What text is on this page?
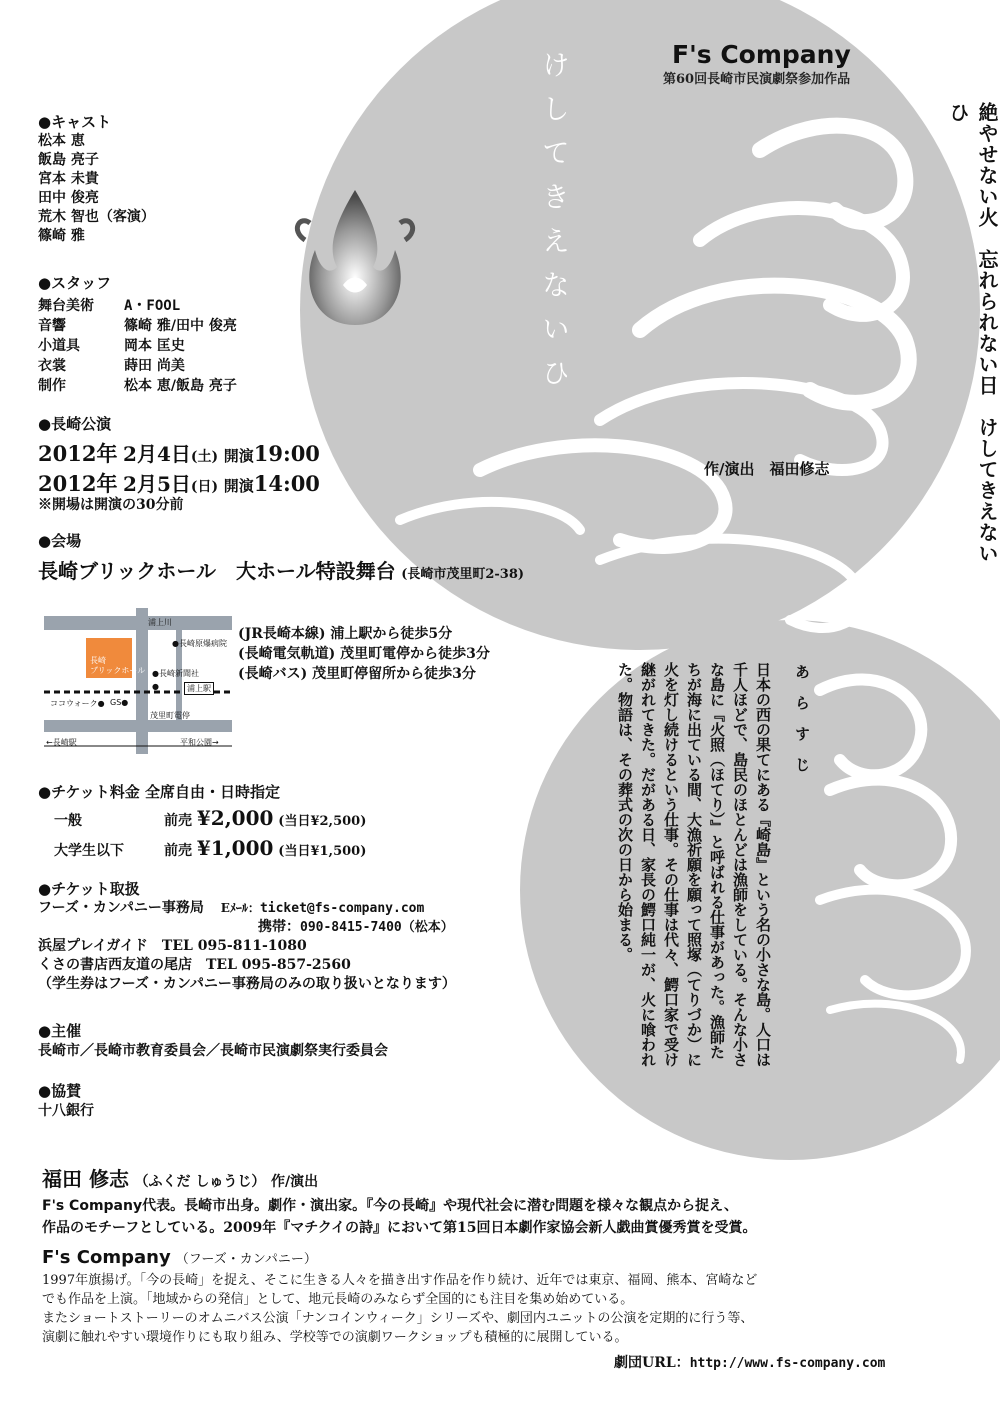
F's Company
第60回長崎市民演劇祭参加作品
けしてきえないひ	絶やせない火　忘れられない日　けしてきえないひ
作/演出　福田修志
●キャスト
松本 恵
飯島 亮子
宮本 未貴
田中 俊亮
荒木 智也（客演）
篠崎 雅
●スタッフ
舞台美術 A・FOOL
音響	篠崎 雅/田中 俊亮
小道具	岡本 匡史
衣裳	蒔田 尚美
制作	松本 恵/飯島 亮子
●長崎公演
2012年 2月4日(土) 開演19:00
2012年 2月5日(日) 開演14:00
※開場は開演の30分前
●会場
長崎ブリックホール　大ホール特設舞台 (長崎市茂里町2-38)
浦上川
●長崎原爆病院
長崎
ブリックホール ●長崎新聞社
●	浦上駅
ココウォーク● GS●
茂里町電停
←長崎駅	平和公園→
(JR長崎本線) 浦上駅から徒歩5分
(長崎電気軌道) 茂里町電停から徒歩3分
(長崎バス) 茂里町停留所から徒歩3分
●チケット料金 全席自由・日時指定
一般	前売 ¥2,000 (当日¥2,500)
大学生以下	前売 ¥1,000 (当日¥1,500)
●チケット取扱
フーズ・カンパニー事務局 Eﾒｰﾙ：ticket@fs-company.com
携帯：090-8415-7400（松本）
浜屋プレイガイド　TEL 095-811-1080
くさの書店西友道の尾店　TEL 095-857-2560
（学生券はフーズ・カンパニー事務局のみの取り扱いとなります）
●主催
長崎市／長崎市教育委員会／長崎市民演劇祭実行委員会
●協賛
十八銀行
あらすじ
日本の西の果てにある『崎島』という名の小さな島。人口は
千人ほどで、島民のほとんどは漁師をしている。そんな小さ
な島に『火照（ほてり）』と呼ばれる仕事があった。漁師た
ちが海に出ている間、大漁祈願を願って照塚（てりづか）に
火を灯し続けるという仕事。その仕事は代々、鰐口家で受け
継がれてきた。だがある日、家長の鰐口純一が、火に喰われ
た。物語は、その葬式の次の日から始まる。
福田 修志 （ふくだ しゅうじ） 作/演出
F's Company代表。長崎市出身。劇作・演出家。『今の長崎』や現代社会に潜む問題を様々な観点から捉え、
作品のモチーフとしている。2009年『マチクイの詩』において第15回日本劇作家協会新人戯曲賞優秀賞を受賞。
F's Company （フーズ・カンパニー）
1997年旗揚げ。「今の長崎」を捉え、そこに生きる人々を描き出す作品を作り続け、近年では東京、福岡、熊本、宮崎など
でも作品を上演。「地域からの発信」として、地元長崎のみならず全国的にも注目を集め始めている。
またショートストーリーのオムニバス公演「ナンコインウィーク」シリーズや、劇団内ユニットの公演を定期的に行う等、
演劇に触れやすい環境作りにも取り組み、学校等での演劇ワークショップも積極的に展開している。
劇団URL：http://www.fs-company.com
